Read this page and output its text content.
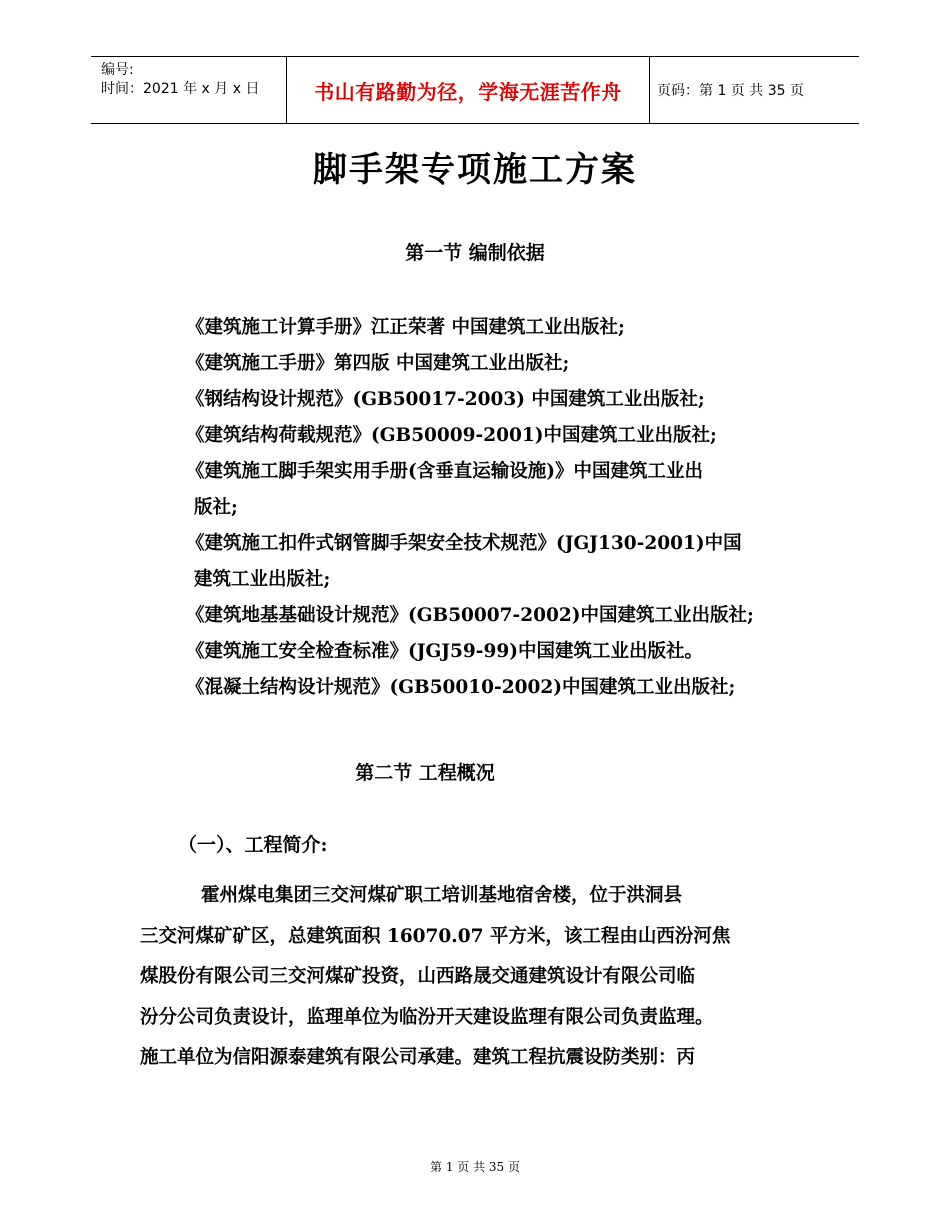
编号:
时间：2021 年 x 月 x 日	书山有路勤为径，学海无涯苦作舟	页码：第 1 页 共 35 页
脚手架专项施工方案
第一节 编制依据
《建筑施工计算手册》江正荣著 中国建筑工业出版社;
《建筑施工手册》第四版 中国建筑工业出版社;
《钢结构设计规范》(GB50017-2003) 中国建筑工业出版社;
《建筑结构荷载规范》(GB50009-2001)中国建筑工业出版社;
《建筑施工脚手架实用手册(含垂直运输设施)》中国建筑工业出
版社;
《建筑施工扣件式钢管脚手架安全技术规范》(JGJ130-2001)中国
建筑工业出版社;
《建筑地基基础设计规范》(GB50007-2002)中国建筑工业出版社;
《建筑施工安全检查标准》(JGJ59-99)中国建筑工业出版社。
《混凝土结构设计规范》(GB50010-2002)中国建筑工业出版社;
第二节 工程概况
（一）、工程简介:
霍州煤电集团三交河煤矿职工培训基地宿舍楼，位于洪洞县
三交河煤矿矿区，总建筑面积 16070.07 平方米，该工程由山西汾河焦
煤股份有限公司三交河煤矿投资，山西路晟交通建筑设计有限公司临
汾分公司负责设计，监理单位为临汾开天建设监理有限公司负责监理。
施工单位为信阳源泰建筑有限公司承建。建筑工程抗震设防类别：丙
第 1 页 共 35 页
